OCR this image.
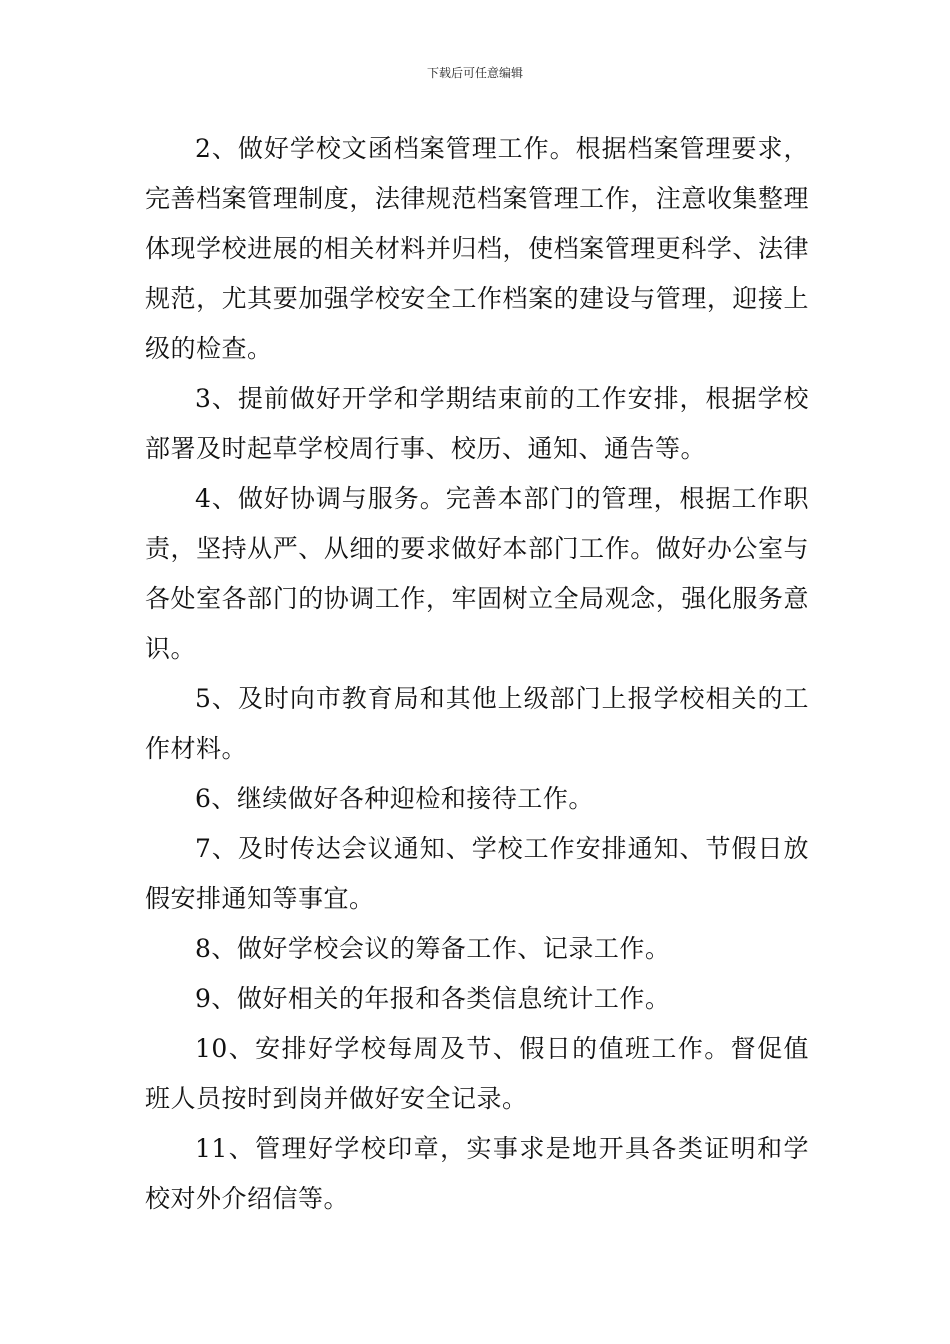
下载后可任意编辑

2、做好学校文函档案管理工作。根据档案管理要求，完善档案管理制度，法律规范档案管理工作，注意收集整理体现学校进展的相关材料并归档，使档案管理更科学、法律规范，尤其要加强学校安全工作档案的建设与管理，迎接上级的检查。

3、提前做好开学和学期结束前的工作安排，根据学校部署及时起草学校周行事、校历、通知、通告等。

4、做好协调与服务。完善本部门的管理，根据工作职责，坚持从严、从细的要求做好本部门工作。做好办公室与各处室各部门的协调工作，牢固树立全局观念，强化服务意识。

5、及时向市教育局和其他上级部门上报学校相关的工作材料。

6、继续做好各种迎检和接待工作。

7、及时传达会议通知、学校工作安排通知、节假日放假安排通知等事宜。

8、做好学校会议的筹备工作、记录工作。

9、做好相关的年报和各类信息统计工作。

10、安排好学校每周及节、假日的值班工作。督促值班人员按时到岗并做好安全记录。

11、管理好学校印章，实事求是地开具各类证明和学校对外介绍信等。
